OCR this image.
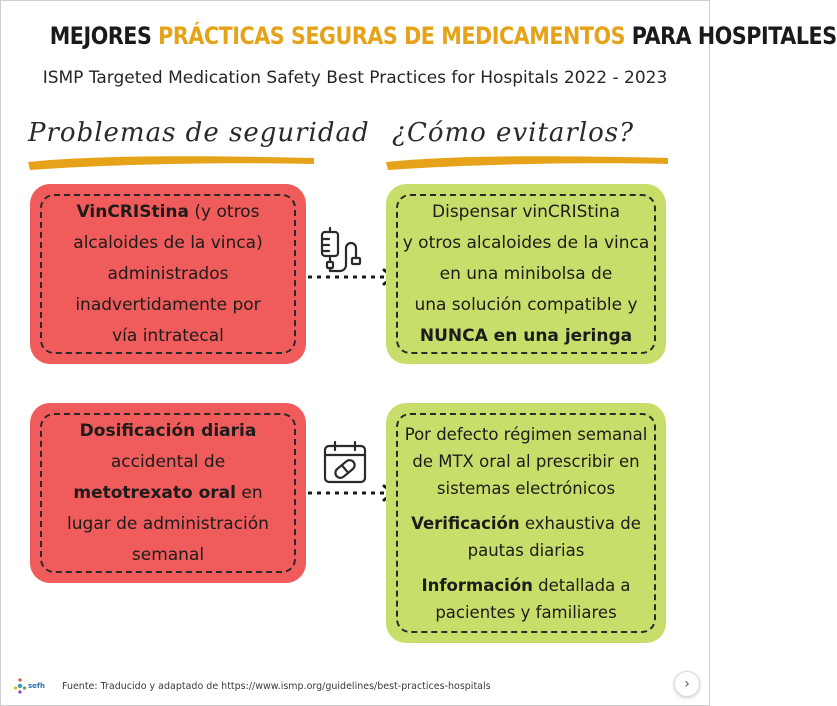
MEJORES PRÁCTICAS SEGURAS DE MEDICAMENTOS PARA HOSPITALES
ISMP Targeted Medication Safety Best Practices for Hospitals 2022 - 2023
Problemas de seguridad ¿Cómo evitarlos?
VinCRIStina (y otros
alcaloides de la vinca)
administrados
inadvertidamente por
vía intratecal
Dispensar vinCRIStina
y otros alcaloides de la vinca
en una minibolsa de
una solución compatible y
NUNCA en una jeringa
Dosificación diaria
accidental de
metotrexato oral en
lugar de administración
semanal
Por defecto régimen semanal
de MTX oral al prescribir en
sistemas electrónicos
Verificación exhaustiva de
pautas diarias
Información detallada a
pacientes y familiares
sefh Fuente: Traducido y adaptado de https://www.ismp.org/guidelines/best-practices-hospitals	›
